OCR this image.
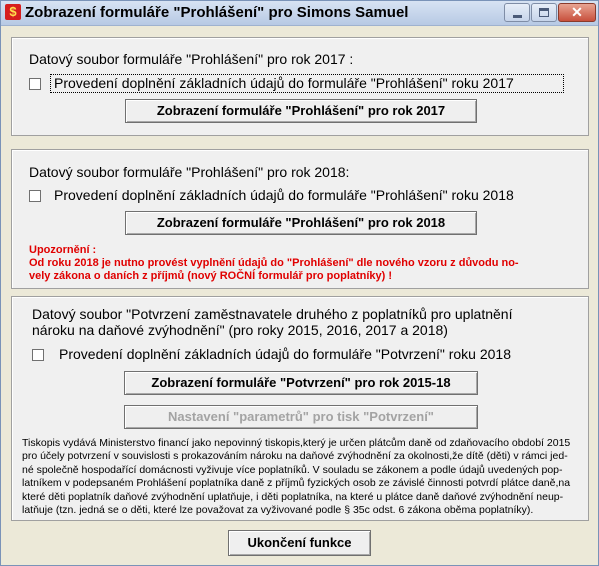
$ Zobrazení formuláře "Prohlášení" pro Simons Samuel	✕
Datový soubor formuláře "Prohlášení" pro rok 2017 :
Provedení doplnění základních údajů do formuláře "Prohlášení" roku 2017
Zobrazení formuláře "Prohlášení" pro rok 2017
Datový soubor formuláře "Prohlášení" pro rok 2018:
Provedení doplnění základních údajů do formuláře "Prohlášení" roku 2018
Zobrazení formuláře "Prohlášení" pro rok 2018
Upozornění :
Od roku 2018 je nutno provést vyplnění údajů do "Prohlášení" dle nového vzoru z důvodu no-
vely zákona o daních z příjmů (nový ROČNÍ formulář pro poplatníky) !
Datový soubor "Potvrzení zaměstnavatele druhého z poplatníků pro uplatnění
nároku na daňové zvýhodnění" (pro roky 2015, 2016, 2017 a 2018)
Provedení doplnění základních údajů do formuláře "Potvrzení" roku 2018
Zobrazení formuláře "Potvrzení" pro rok 2015-18
Nastavení "parametrů" pro tisk "Potvrzení"
Tiskopis vydává Ministerstvo financí jako nepovinný tiskopis,který je určen plátcům daně od zdaňovacího období 2015
pro účely potvrzení v souvislosti s prokazováním nároku na daňové zvýhodnění za okolnosti,že dítě (děti) v rámci jed-
né společně hospodařící domácnosti vyživuje více poplatníků. V souladu se zákonem a podle údajů uvedených pop-
latníkem v podepsaném Prohlášení poplatníka daně z příjmů fyzických osob ze závislé činnosti potvrdí plátce daně,na
které děti poplatník daňové zvýhodnění uplatňuje, i děti poplatníka, na které u plátce daně daňové zvýhodnění neup-
latňuje (tzn. jedná se o děti, které lze považovat za vyživované podle § 35c odst. 6 zákona oběma poplatníky).
Ukončení funkce
